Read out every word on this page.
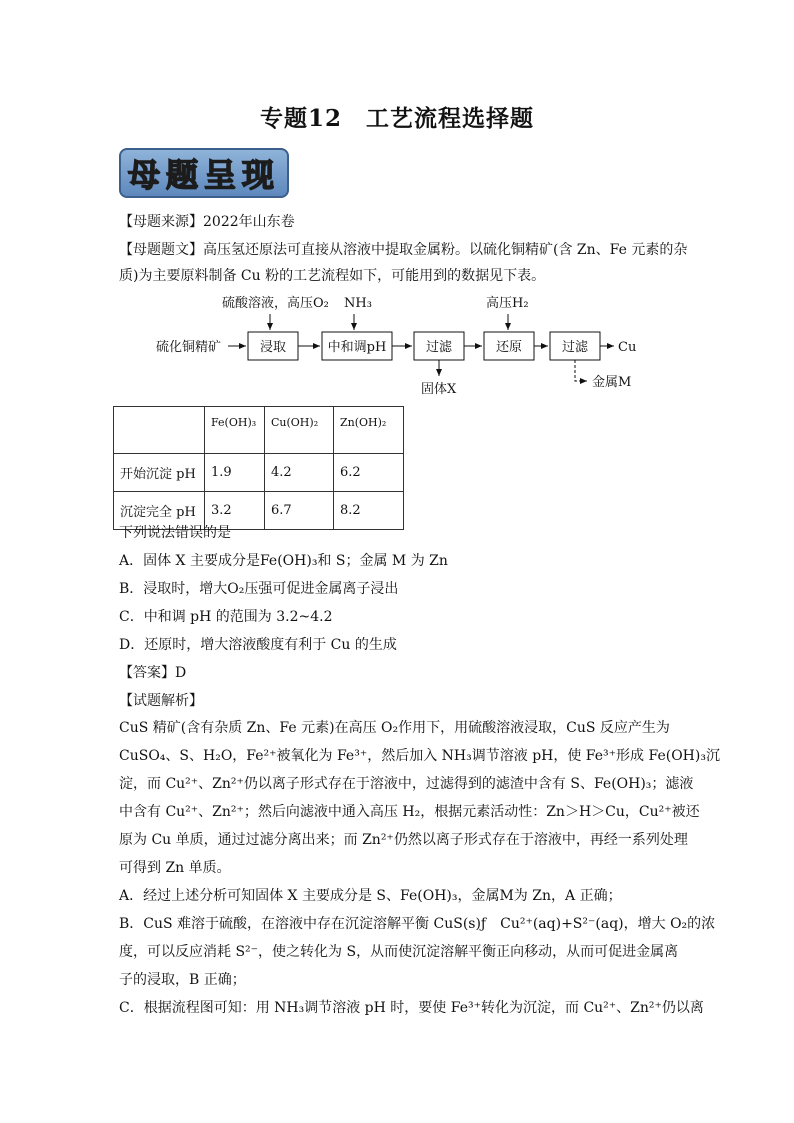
专题12　工艺流程选择题
母题呈现
【母题来源】2022年山东卷
【母题题文】高压氢还原法可直接从溶液中提取金属粉。以硫化铜精矿(含 Zn、Fe 元素的杂
质)为主要原料制备 Cu 粉的工艺流程如下，可能用到的数据见下表。
硫酸溶液，高压O₂ NH₃	高压H₂
硫化铜精矿	浸取	中和调pH	过滤	还原	过滤 Cu
固体X	金属M
	Fe(OH)₃	Cu(OH)₂	Zn(OH)₂
开始沉淀 pH	1.9	4.2	6.2
沉淀完全 pH	3.2	6.7	8.2
下列说法错误的是
A．固体 X 主要成分是Fe(OH)₃和 S；金属 M 为 Zn
B．浸取时，增大O₂压强可促进金属离子浸出
C．中和调 pH 的范围为 3.2~4.2
D．还原时，增大溶液酸度有利于 Cu 的生成
【答案】D
【试题解析】
CuS 精矿(含有杂质 Zn、Fe 元素)在高压 O₂作用下，用硫酸溶液浸取，CuS 反应产生为
CuSO₄、S、H₂O，Fe²⁺被氧化为 Fe³⁺，然后加入 NH₃调节溶液 pH，使 Fe³⁺形成 Fe(OH)₃沉
淀，而 Cu²⁺、Zn²⁺仍以离子形式存在于溶液中，过滤得到的滤渣中含有 S、Fe(OH)₃；滤液
中含有 Cu²⁺、Zn²⁺；然后向滤液中通入高压 H₂，根据元素活动性：Zn＞H＞Cu，Cu²⁺被还
原为 Cu 单质，通过过滤分离出来；而 Zn²⁺仍然以离子形式存在于溶液中，再经一系列处理
可得到 Zn 单质。
A．经过上述分析可知固体 X 主要成分是 S、Fe(OH)₃，金属M为 Zn，A 正确；
B．CuS 难溶于硫酸，在溶液中存在沉淀溶解平衡 CuS(s)ƒ　Cu²⁺(aq)+S²⁻(aq)，增大 O₂的浓
度，可以反应消耗 S²⁻，使之转化为 S，从而使沉淀溶解平衡正向移动，从而可促进金属离
子的浸取，B 正确；
C．根据流程图可知：用 NH₃调节溶液 pH 时，要使 Fe³⁺转化为沉淀，而 Cu²⁺、Zn²⁺仍以离
